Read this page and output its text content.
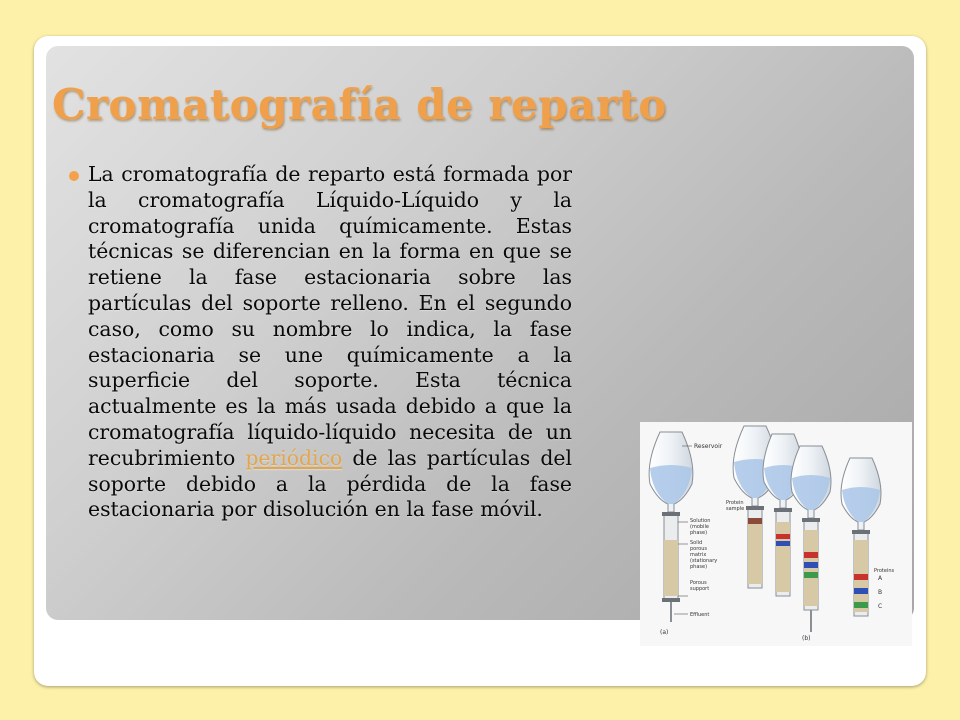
Cromatografía de reparto

La cromatografía de reparto está formada por la cromatografía Líquido-Líquido y la cromatografía unida químicamente. Estas técnicas se diferencian en la forma en que se retiene la fase estacionaria sobre las partículas del soporte relleno. En el segundo caso, como su nombre lo indica, la fase estacionaria se une químicamente a la superficie del soporte. Esta técnica actualmente es la más usada debido a que la cromatografía líquido-líquido necesita de un recubrimiento periódico de las partículas del soporte debido a la pérdida de la fase estacionaria por disolución en la fase móvil.

Reservoir
Solution
(mobile
phase)
Solid
porous
matrix
(stationary
phase)
Porous
support
Effluent
(a)
Protein
sample
(b)
Proteins
A
B
C
